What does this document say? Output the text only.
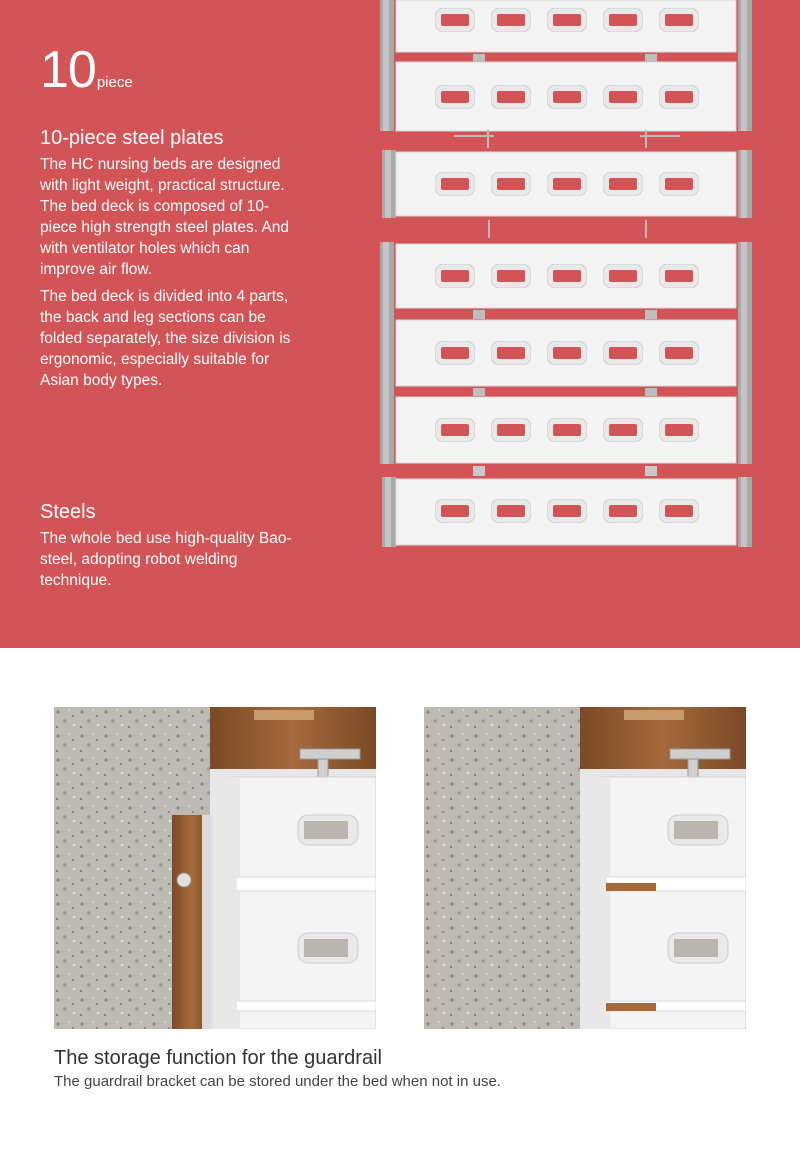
10piece
10-piece steel plates

The HC nursing beds are designed with light weight, practical structure. The bed deck is composed of 10-piece high strength steel plates. And with ventilator holes which can improve air flow.

The bed deck is divided into 4 parts, the back and leg sections can be folded separately, the size division is ergonomic, especially suitable for Asian body types.

Steels

The whole bed use high-quality Bao-steel, adopting robot welding technique.

The storage function for the guardrail

The guardrail bracket can be stored under the bed when not in use.
